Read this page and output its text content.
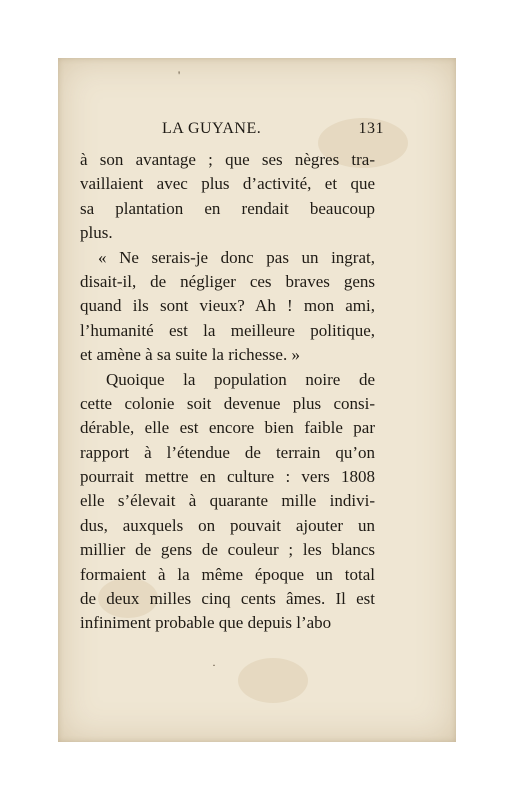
'
·
LA GUYANE.	131
à son avantage ; que ses nègres tra-
vaillaient avec plus d’activité, et que
sa plantation en rendait beaucoup
plus.
« Ne serais-je donc pas un ingrat,
disait-il, de négliger ces braves gens
quand ils sont vieux? Ah ! mon ami,
l’humanité est la meilleure politique,
et amène à sa suite la richesse. »
Quoique la population noire de
cette colonie soit devenue plus consi-
dérable, elle est encore bien faible par
rapport à l’étendue de terrain qu’on
pourrait mettre en culture : vers 1808
elle s’élevait à quarante mille indivi-
dus, auxquels on pouvait ajouter un
millier de gens de couleur ; les blancs
formaient à la même époque un total
de deux milles cinq cents âmes. Il est
infiniment probable que depuis l’abo
